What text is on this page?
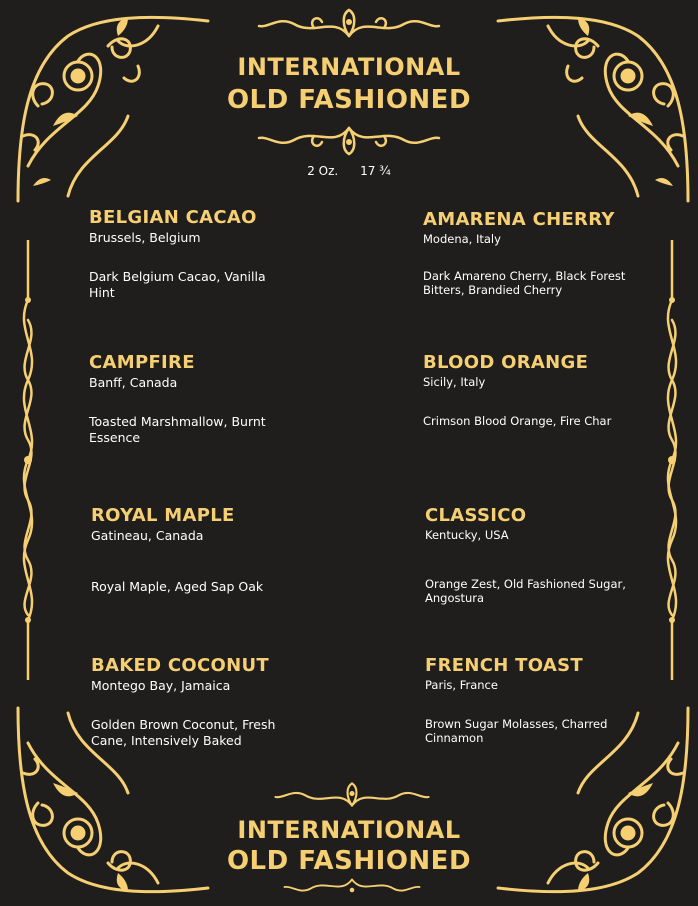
INTERNATIONAL
OLD FASHIONED
2 Oz. 17 ¾
BELGIAN CACAO
Brussels, Belgium
Dark Belgium Cacao, Vanilla Hint
AMARENA CHERRY
Modena, Italy
Dark Amareno Cherry, Black Forest Bitters, Brandied Cherry
CAMPFIRE
Banff, Canada
Toasted Marshmallow, Burnt Essence
BLOOD ORANGE
Sicily, Italy
Crimson Blood Orange, Fire Char
ROYAL MAPLE
Gatineau, Canada
Royal Maple, Aged Sap Oak
CLASSICO
Kentucky, USA
Orange Zest, Old Fashioned Sugar, Angostura
BAKED COCONUT
Montego Bay, Jamaica
Golden Brown Coconut, Fresh Cane, Intensively Baked
FRENCH TOAST
Paris, France
Brown Sugar Molasses, Charred Cinnamon
INTERNATIONAL
OLD FASHIONED
